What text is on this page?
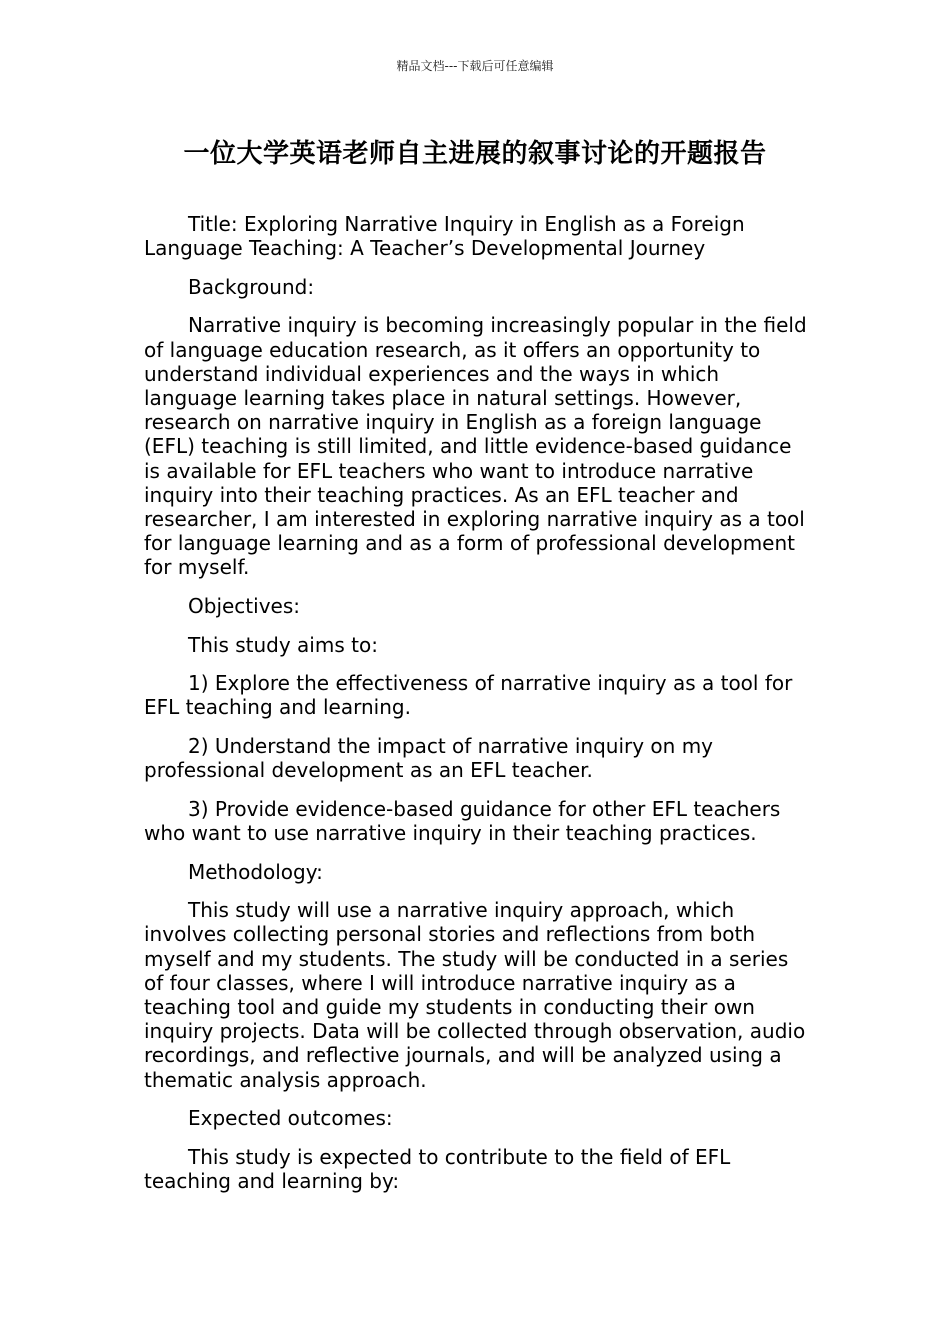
精品文档---下载后可任意编辑
一位大学英语老师自主进展的叙事讨论的开题报告

Title: Exploring Narrative Inquiry in English as a Foreign Language Teaching: A Teacher’s Developmental Journey

Background:

Narrative inquiry is becoming increasingly popular in the field of language education research, as it offers an opportunity to understand individual experiences and the ways in which language learning takes place in natural settings. However, research on narrative inquiry in English as a foreign language (EFL) teaching is still limited, and little evidence-based guidance is available for EFL teachers who want to introduce narrative inquiry into their teaching practices. As an EFL teacher and researcher, I am interested in exploring narrative inquiry as a tool for language learning and as a form of professional development for myself.

Objectives:

This study aims to:

1) Explore the effectiveness of narrative inquiry as a tool for EFL teaching and learning.

2) Understand the impact of narrative inquiry on my professional development as an EFL teacher.

3) Provide evidence-based guidance for other EFL teachers who want to use narrative inquiry in their teaching practices.

Methodology:

This study will use a narrative inquiry approach, which involves collecting personal stories and reflections from both myself and my students. The study will be conducted in a series of four classes, where I will introduce narrative inquiry as a teaching tool and guide my students in conducting their own inquiry projects. Data will be collected through observation, audio recordings, and reflective journals, and will be analyzed using a thematic analysis approach.

Expected outcomes:

This study is expected to contribute to the field of EFL teaching and learning by:
